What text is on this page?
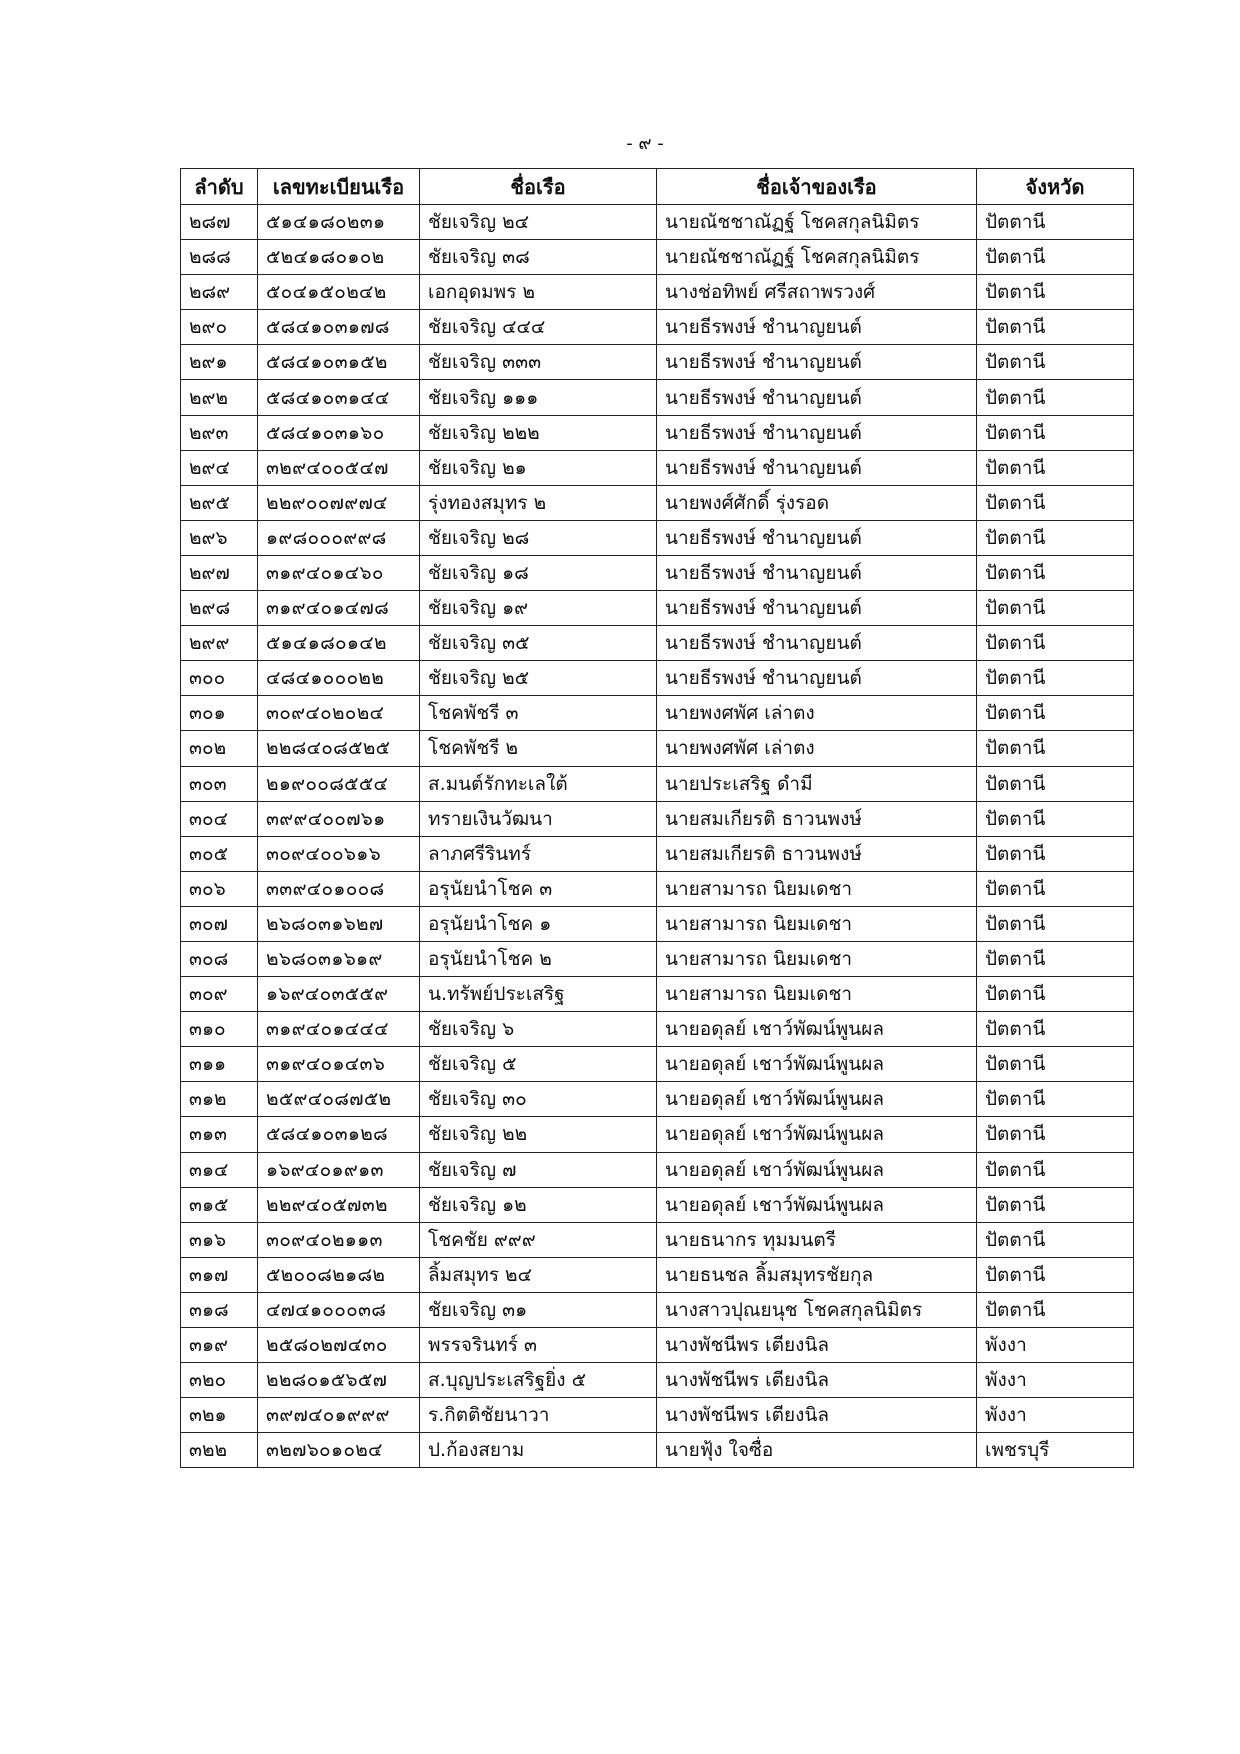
- ๙ -
ลำดับ	เลขทะเบียนเรือ	ชื่อเรือ	ชื่อเจ้าของเรือ	จังหวัด
๒๘๗	๕๑๔๑๘๐๒๓๑	ชัยเจริญ ๒๔	นายณัชชาณัฏฐ์ โชคสกุลนิมิตร	ปัตตานี
๒๘๘	๕๒๔๑๘๐๑๐๒	ชัยเจริญ ๓๘	นายณัชชาณัฏฐ์ โชคสกุลนิมิตร	ปัตตานี
๒๘๙	๕๐๔๑๕๐๒๔๒	เอกอุดมพร ๒	นางช่อทิพย์ ศรีสถาพรวงศ์	ปัตตานี
๒๙๐	๕๘๔๑๐๓๑๗๘	ชัยเจริญ ๔๔๔	นายธีรพงษ์ ชำนาญยนต์	ปัตตานี
๒๙๑	๕๘๔๑๐๓๑๕๒	ชัยเจริญ ๓๓๓	นายธีรพงษ์ ชำนาญยนต์	ปัตตานี
๒๙๒	๕๘๔๑๐๓๑๔๔	ชัยเจริญ ๑๑๑	นายธีรพงษ์ ชำนาญยนต์	ปัตตานี
๒๙๓	๕๘๔๑๐๓๑๖๐	ชัยเจริญ ๒๒๒	นายธีรพงษ์ ชำนาญยนต์	ปัตตานี
๒๙๔	๓๒๙๔๐๐๕๔๗	ชัยเจริญ ๒๑	นายธีรพงษ์ ชำนาญยนต์	ปัตตานี
๒๙๕	๒๒๙๐๐๗๙๗๔	รุ่งทองสมุทร ๒	นายพงศ์ศักดิ์ รุ่งรอด	ปัตตานี
๒๙๖	๑๙๘๐๐๐๙๙๘	ชัยเจริญ ๒๘	นายธีรพงษ์ ชำนาญยนต์	ปัตตานี
๒๙๗	๓๑๙๔๐๑๔๖๐	ชัยเจริญ ๑๘	นายธีรพงษ์ ชำนาญยนต์	ปัตตานี
๒๙๘	๓๑๙๔๐๑๔๗๘	ชัยเจริญ ๑๙	นายธีรพงษ์ ชำนาญยนต์	ปัตตานี
๒๙๙	๕๑๔๑๘๐๑๔๒	ชัยเจริญ ๓๕	นายธีรพงษ์ ชำนาญยนต์	ปัตตานี
๓๐๐	๔๘๔๑๐๐๐๒๒	ชัยเจริญ ๒๕	นายธีรพงษ์ ชำนาญยนต์	ปัตตานี
๓๐๑	๓๐๙๔๐๒๐๒๔	โชคพัชรี ๓	นายพงศพัศ เล่าตง	ปัตตานี
๓๐๒	๒๒๘๔๐๘๕๒๕	โชคพัชรี ๒	นายพงศพัศ เล่าตง	ปัตตานี
๓๐๓	๒๑๙๐๐๘๕๕๔	ส.มนต์รักทะเลใต้	นายประเสริฐ ดำมี	ปัตตานี
๓๐๔	๓๙๙๔๐๐๗๖๑	ทรายเงินวัฒนา	นายสมเกียรติ ธาวนพงษ์	ปัตตานี
๓๐๕	๓๐๙๔๐๐๖๑๖	ลาภศรีรินทร์	นายสมเกียรติ ธาวนพงษ์	ปัตตานี
๓๐๖	๓๓๙๔๐๑๐๐๘	อรุนัยนำโชค ๓	นายสามารถ นิยมเดชา	ปัตตานี
๓๐๗	๒๖๘๐๓๑๖๒๗	อรุนัยนำโชค ๑	นายสามารถ นิยมเดชา	ปัตตานี
๓๐๘	๒๖๘๐๓๑๖๑๙	อรุนัยนำโชค ๒	นายสามารถ นิยมเดชา	ปัตตานี
๓๐๙	๑๖๙๔๐๓๕๕๙	น.ทรัพย์ประเสริฐ	นายสามารถ นิยมเดชา	ปัตตานี
๓๑๐	๓๑๙๔๐๑๔๔๔	ชัยเจริญ ๖	นายอดุลย์ เชาว์พัฒน์พูนผล	ปัตตานี
๓๑๑	๓๑๙๔๐๑๔๓๖	ชัยเจริญ ๕	นายอดุลย์ เชาว์พัฒน์พูนผล	ปัตตานี
๓๑๒	๒๕๙๔๐๘๗๕๒	ชัยเจริญ ๓๐	นายอดุลย์ เชาว์พัฒน์พูนผล	ปัตตานี
๓๑๓	๕๘๔๑๐๓๑๒๘	ชัยเจริญ ๒๒	นายอดุลย์ เชาว์พัฒน์พูนผล	ปัตตานี
๓๑๔	๑๖๙๔๐๑๙๑๓	ชัยเจริญ ๗	นายอดุลย์ เชาว์พัฒน์พูนผล	ปัตตานี
๓๑๕	๒๒๙๔๐๕๗๓๒	ชัยเจริญ ๑๒	นายอดุลย์ เชาว์พัฒน์พูนผล	ปัตตานี
๓๑๖	๓๐๙๔๐๒๑๑๓	โชคชัย ๙๙๙	นายธนากร ทุมมนตรี	ปัตตานี
๓๑๗	๕๒๐๐๘๒๑๘๒	ลิ้มสมุทร ๒๔	นายธนชล ลิ้มสมุทรชัยกุล	ปัตตานี
๓๑๘	๔๗๔๑๐๐๐๓๘	ชัยเจริญ ๓๑	นางสาวปุณยนุช โชคสกุลนิมิตร	ปัตตานี
๓๑๙	๒๕๘๐๒๗๔๓๐	พรรจรินทร์ ๓	นางพัชนีพร เตียงนิล	พังงา
๓๒๐	๒๒๘๐๑๕๖๕๗	ส.บุญประเสริฐยิ่ง ๕	นางพัชนีพร เตียงนิล	พังงา
๓๒๑	๓๙๗๔๐๑๙๙๙	ร.กิตติชัยนาวา	นางพัชนีพร เตียงนิล	พังงา
๓๒๒	๓๒๗๖๐๑๐๒๔	ป.ก้องสยาม	นายฟุ้ง ใจซื่อ	เพชรบุรี
